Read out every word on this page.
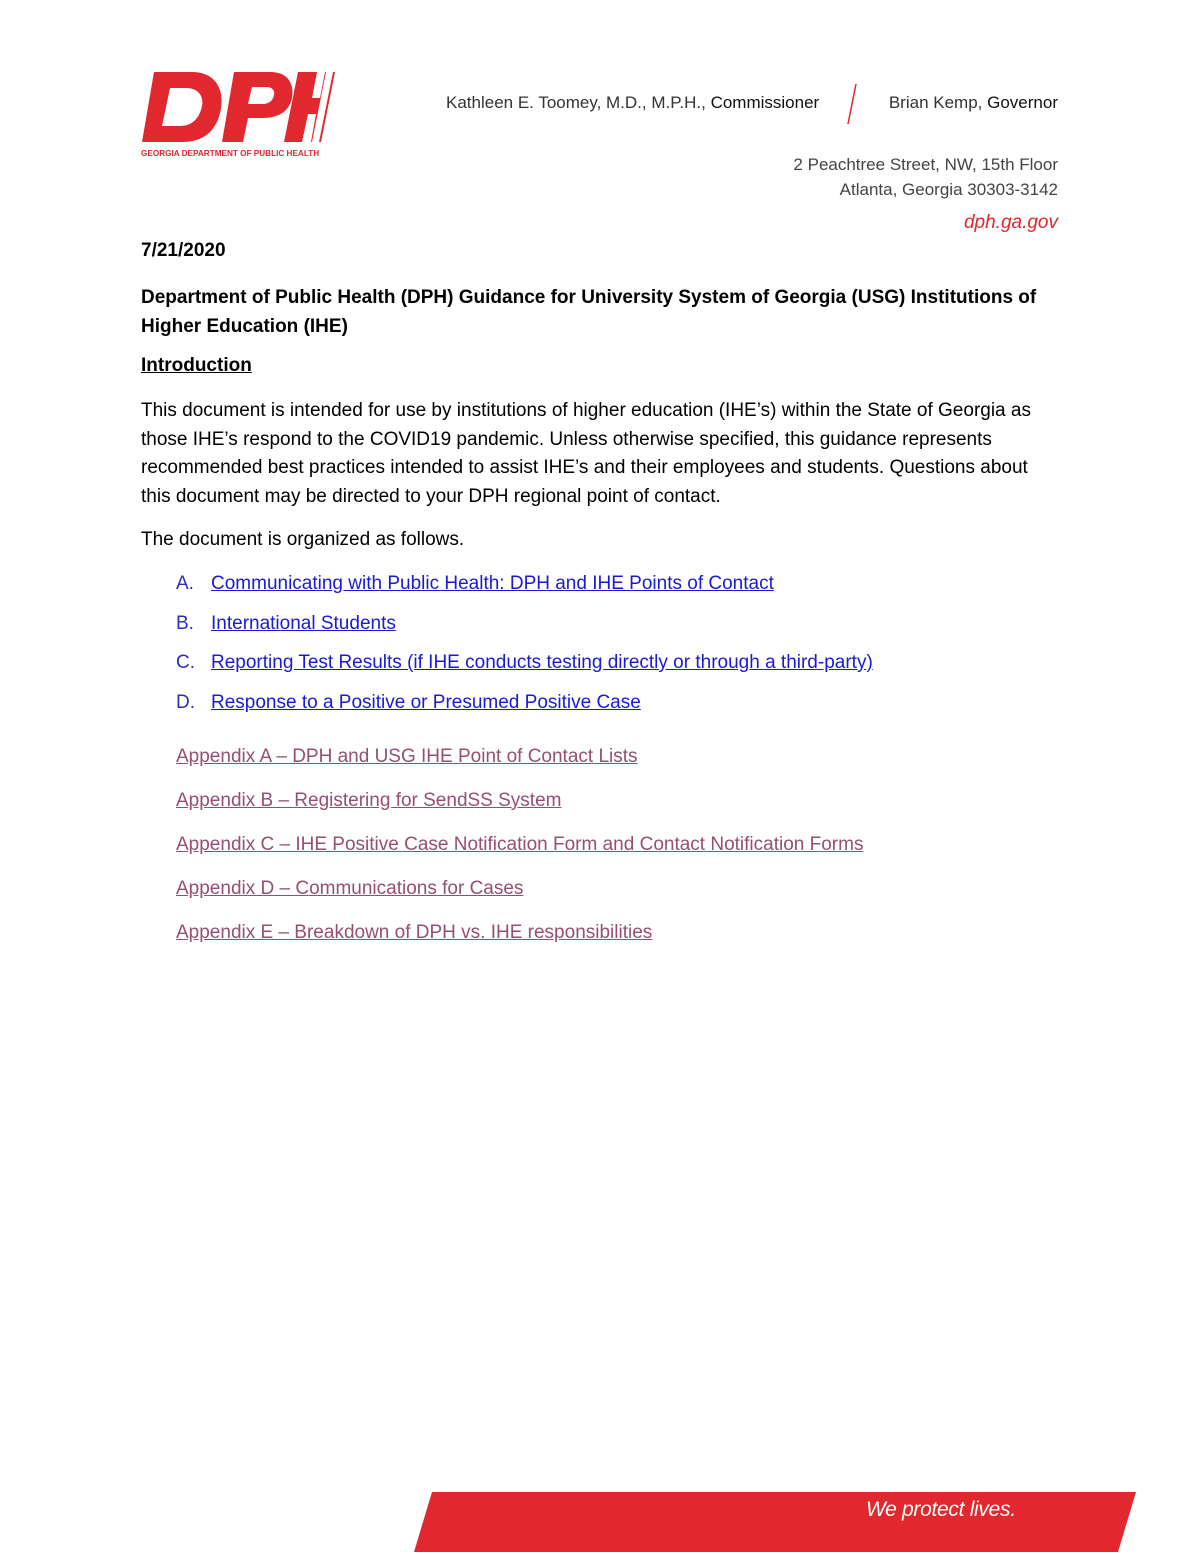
GEORGIA DEPARTMENT OF PUBLIC HEALTH
Kathleen E. Toomey, M.D., M.P.H., Commissioner	Brian Kemp, Governor
2 Peachtree Street, NW, 15th Floor
Atlanta, Georgia 30303-3142
dph.ga.gov
7/21/2020
Department of Public Health (DPH) Guidance for University System of Georgia (USG) Institutions of Higher Education (IHE)
Introduction

This document is intended for use by institutions of higher education (IHE’s) within the State of Georgia as those IHE’s respond to the COVID19 pandemic. Unless otherwise specified, this guidance represents recommended best practices intended to assist IHE’s and their employees and students. Questions about this document may be directed to your DPH regional point of contact.

The document is organized as follows.
A. Communicating with Public Health: DPH and IHE Points of Contact
B. International Students
C. Reporting Test Results (if IHE conducts testing directly or through a third-party)
D. Response to a Positive or Presumed Positive Case
Appendix A – DPH and USG IHE Point of Contact Lists
Appendix B – Registering for SendSS System
Appendix C – IHE Positive Case Notification Form and Contact Notification Forms
Appendix D – Communications for Cases
Appendix E – Breakdown of DPH vs. IHE responsibilities
We protect lives.
